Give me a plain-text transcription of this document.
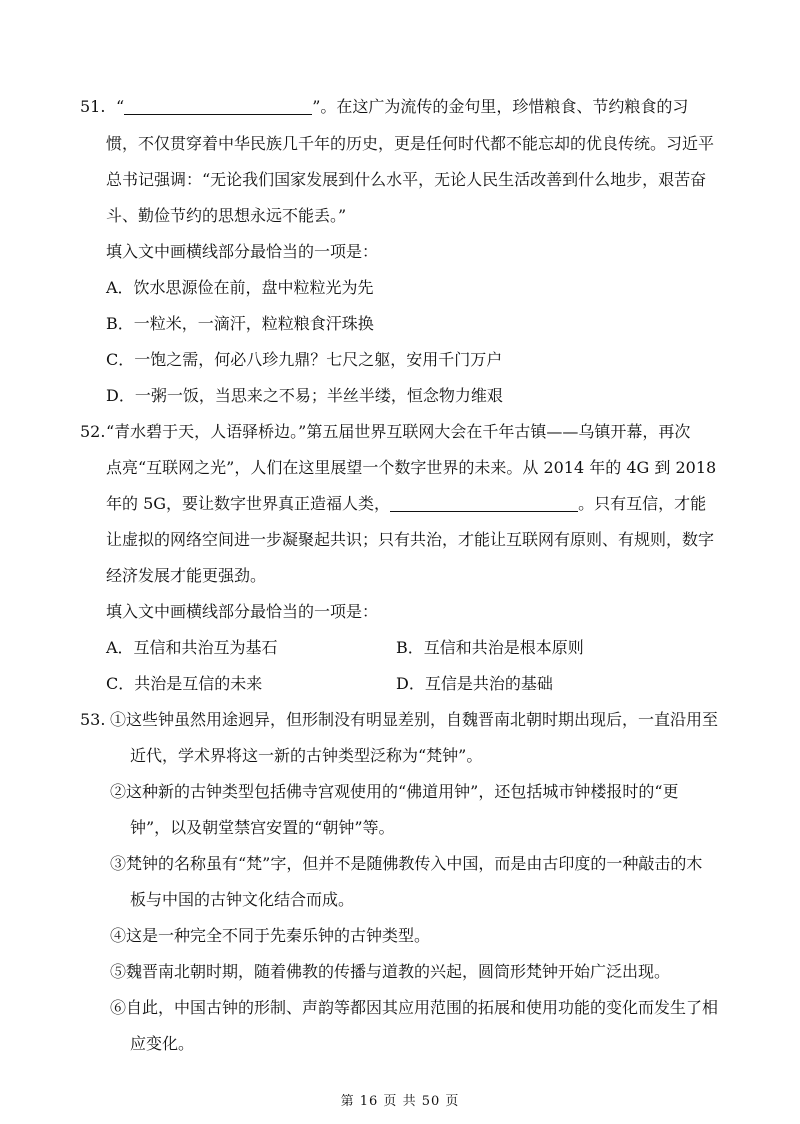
51. “	”。在这广为流传的金句里，珍惜粮食、节约粮食的习
惯，不仅贯穿着中华民族几千年的历史，更是任何时代都不能忘却的优良传统。习近平
总书记强调：“无论我们国家发展到什么水平，无论人民生活改善到什么地步，艰苦奋
斗、勤俭节约的思想永远不能丢。”
填入文中画横线部分最恰当的一项是：
A．饮水思源俭在前，盘中粒粒光为先
B．一粒米，一滴汗，粒粒粮食汗珠换
C．一饱之需，何必八珍九鼎？七尺之躯，安用千门万户
D．一粥一饭，当思来之不易；半丝半缕，恒念物力维艰
52. “青水碧于天，人语驿桥边。”第五届世界互联网大会在千年古镇——乌镇开幕，再次
点亮“互联网之光”，人们在这里展望一个数字世界的未来。从 2014 年的 4G 到 2018
年的 5G，要让数字世界真正造福人类，	。只有互信，才能
让虚拟的网络空间进一步凝聚起共识；只有共治，才能让互联网有原则、有规则，数字
经济发展才能更强劲。
填入文中画横线部分最恰当的一项是：
A．互信和共治互为基石	B．互信和共治是根本原则
C．共治是互信的未来	D．互信是共治的基础
53. ①这些钟虽然用途迥异，但形制没有明显差别，自魏晋南北朝时期出现后，一直沿用至
近代，学术界将这一新的古钟类型泛称为“梵钟”。
②这种新的古钟类型包括佛寺宫观使用的“佛道用钟”，还包括城市钟楼报时的“更
钟”，以及朝堂禁宫安置的“朝钟”等。
③梵钟的名称虽有“梵”字，但并不是随佛教传入中国，而是由古印度的一种敲击的木
板与中国的古钟文化结合而成。
④这是一种完全不同于先秦乐钟的古钟类型。
⑤魏晋南北朝时期，随着佛教的传播与道教的兴起，圆筒形梵钟开始广泛出现。
⑥自此，中国古钟的形制、声韵等都因其应用范围的拓展和使用功能的变化而发生了相
应变化。
第 16 页 共 50 页
